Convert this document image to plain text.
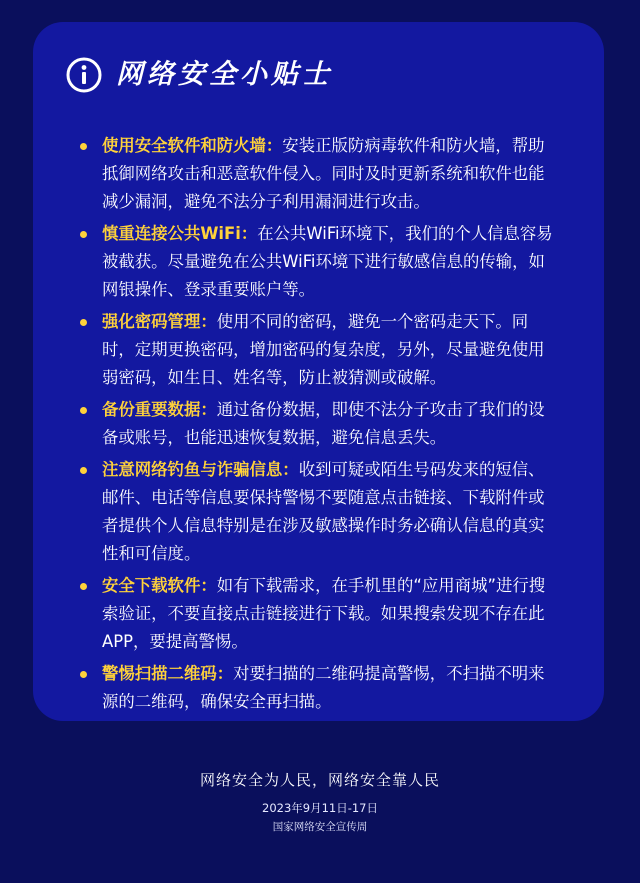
网络安全小贴士
使用安全软件和防火墙：安装正版防病毒软件和防火墙，帮助抵御网络攻击和恶意软件侵入。同时及时更新系统和软件也能减少漏洞，避免不法分子利用漏洞进行攻击。
慎重连接公共WiFi：在公共WiFi环境下，我们的个人信息容易被截获。尽量避免在公共WiFi环境下进行敏感信息的传输，如网银操作、登录重要账户等。
强化密码管理：使用不同的密码，避免一个密码走天下。同时，定期更换密码，增加密码的复杂度，另外，尽量避免使用弱密码，如生日、姓名等，防止被猜测或破解。
备份重要数据：通过备份数据，即使不法分子攻击了我们的设备或账号，也能迅速恢复数据，避免信息丢失。
注意网络钓鱼与诈骗信息：收到可疑或陌生号码发来的短信、邮件、电话等信息要保持警惕不要随意点击链接、下载附件或者提供个人信息特别是在涉及敏感操作时务必确认信息的真实性和可信度。
安全下载软件：如有下载需求，在手机里的“应用商城”进行搜索验证，不要直接点击链接进行下载。如果搜索发现不存在此APP，要提高警惕。
警惕扫描二维码：对要扫描的二维码提高警惕，不扫描不明来源的二维码，确保安全再扫描。
网络安全为人民，网络安全靠人民
2023年9月11日-17日
国家网络安全宣传周
